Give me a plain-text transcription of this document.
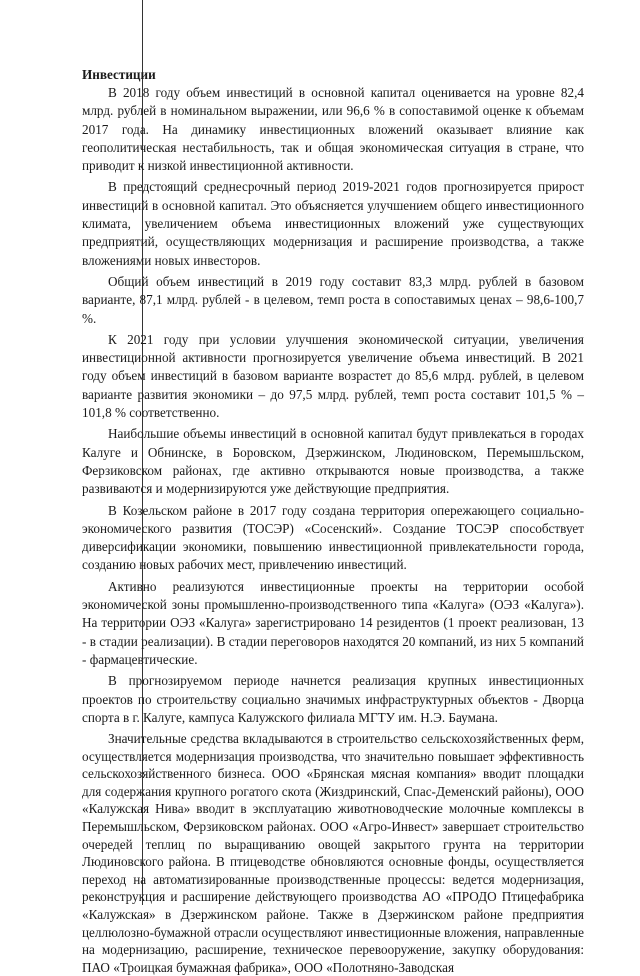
Инвестиции

В 2018 году объем инвестиций в основной капитал оценивается на уровне 82,4 млрд. рублей в номинальном выражении, или 96,6 % в сопоставимой оценке к объемам 2017 года. На динамику инвестиционных вложений оказывает влияние как геополитическая нестабильность, так и общая экономическая ситуация в стране, что приводит к низкой инвестиционной активности.

В предстоящий среднесрочный период 2019-2021 годов прогнозируется прирост инвестиций в основной капитал. Это объясняется улучшением общего инвестиционного климата, увеличением объема инвестиционных вложений уже существующих предприятий, осуществляющих модернизация и расширение производства, а также вложениями новых инвесторов.

Общий объем инвестиций в 2019 году составит 83,3 млрд. рублей в базовом варианте, 87,1 млрд. рублей - в целевом, темп роста в сопоставимых ценах – 98,6-100,7 %.

К 2021 году при условии улучшения экономической ситуации, увеличения инвестиционной активности прогнозируется увеличение объема инвестиций. В 2021 году объем инвестиций в базовом варианте возрастет до 85,6 млрд. рублей, в целевом варианте развития экономики – до 97,5 млрд. рублей, темп роста составит 101,5 % – 101,8 % соответственно.

Наибольшие объемы инвестиций в основной капитал будут привлекаться в городах Калуге и Обнинске, в Боровском, Дзержинском, Людиновском, Перемышльском, Ферзиковском районах, где активно открываются новые производства, а также развиваются и модернизируются уже действующие предприятия.

В Козельском районе в 2017 году создана территория опережающего социально-экономического развития (ТОСЭР) «Сосенский». Создание ТОСЭР способствует диверсификации экономики, повышению инвестиционной привлекательности города, созданию новых рабочих мест, привлечению инвестиций.

Активно реализуются инвестиционные проекты на территории особой экономической зоны промышленно-производственного типа «Калуга» (ОЭЗ «Калуга»). На территории ОЭЗ «Калуга» зарегистрировано 14 резидентов (1 проект реализован, 13 - в стадии реализации). В стадии переговоров находятся 20 компаний, из них 5 компаний - фармацевтические.

В прогнозируемом периоде начнется реализация крупных инвестиционных проектов по строительству социально значимых инфраструктурных объектов - Дворца спорта в г. Калуге, кампуса Калужского филиала МГТУ им. Н.Э. Баумана.

Значительные средства вкладываются в строительство сельскохозяйственных ферм, осуществляется модернизация производства, что значительно повышает эффективность сельскохозяйственного бизнеса. ООО «Брянская мясная компания» вводит площадки для содержания крупного рогатого скота (Жиздринский, Спас-Деменский районы), ООО «Калужская Нива» вводит в эксплуатацию животноводческие молочные комплексы в Перемышльском, Ферзиковском районах. ООО «Агро-Инвест» завершает строительство очередей теплиц по выращиванию овощей закрытого грунта на территории Людиновского района. В птицеводстве обновляются основные фонды, осуществляется переход на автоматизированные производственные процессы: ведется модернизация, реконструкция и расширение действующего производства АО «ПРОДО Птицефабрика «Калужская» в Дзержинском районе. Также в Дзержинском районе предприятия целлюлозно-бумажной отрасли осуществляют инвестиционные вложения, направленные на модернизацию, расширение, техническое перевооружение, закупку оборудования: ПАО «Троицкая бумажная фабрика», ООО «Полотняно-Заводская
